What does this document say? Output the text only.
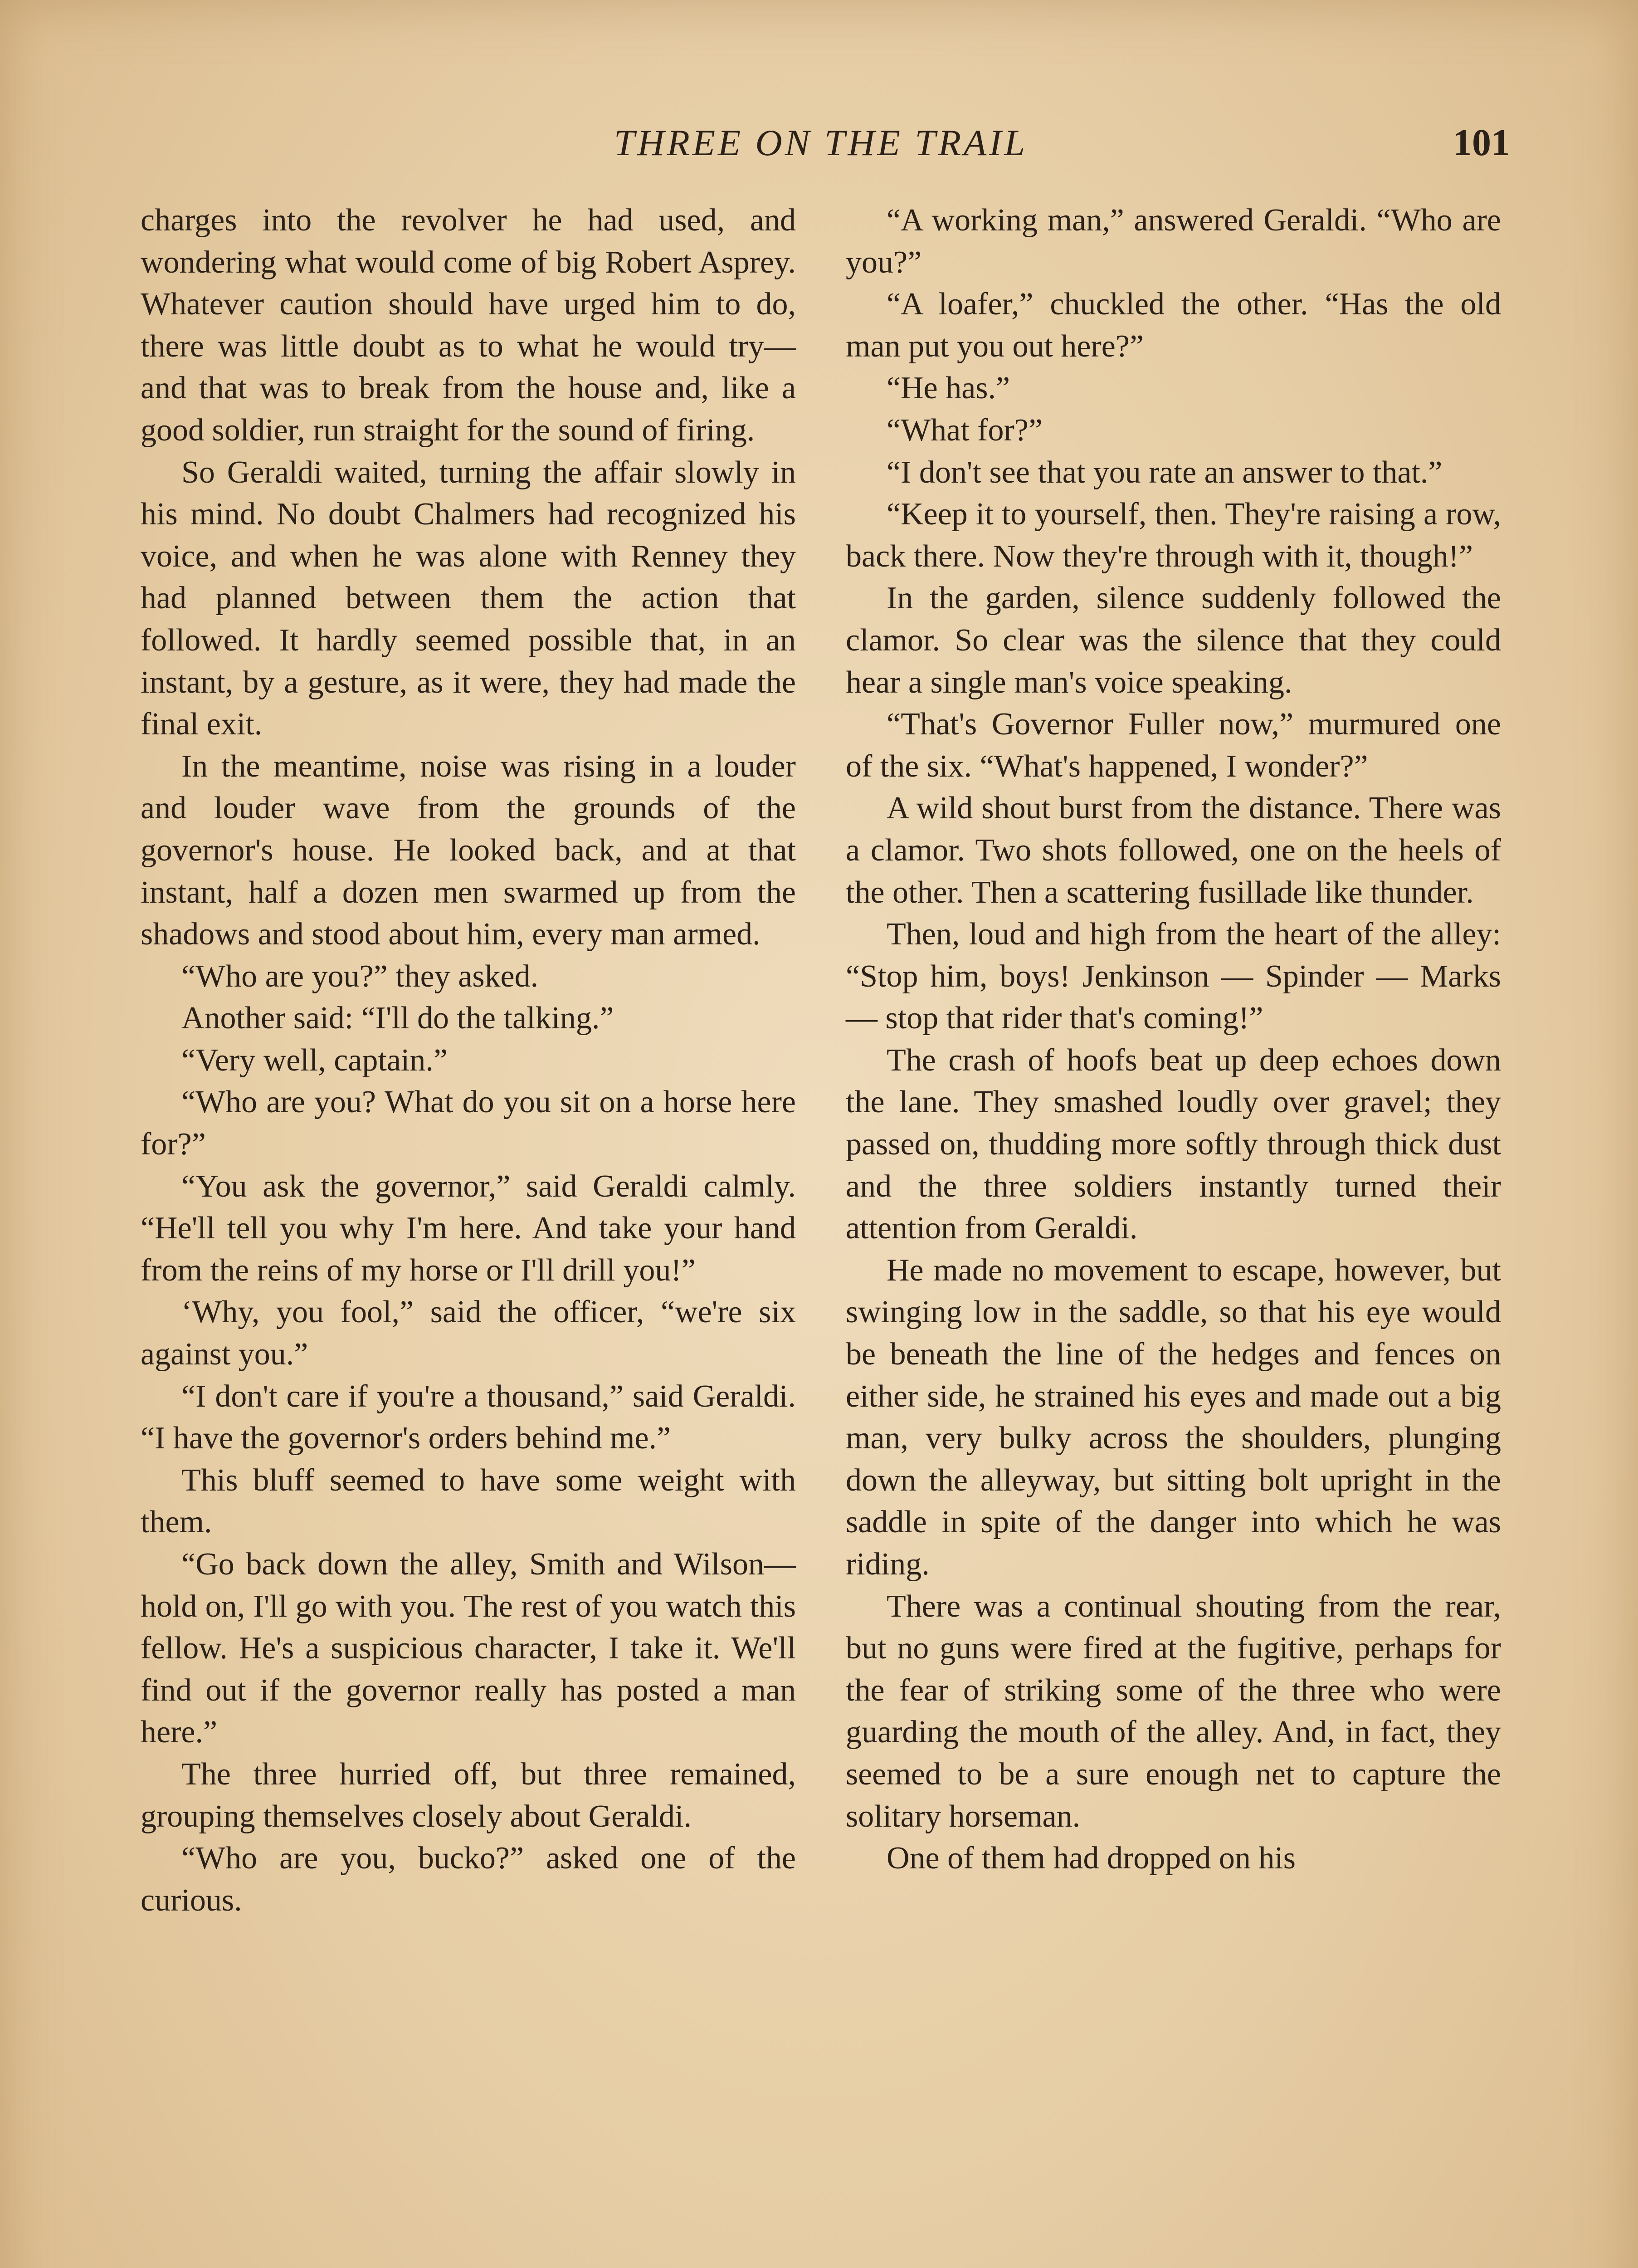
THREE ON THE TRAIL	101

charges into the revolver he had used, and wondering what would come of big Robert Asprey. Whatever caution should have urged him to do, there was little doubt as to what he would try— and that was to break from the house and, like a good soldier, run straight for the sound of firing.

So Geraldi waited, turning the affair slowly in his mind. No doubt Chalmers had recognized his voice, and when he was alone with Renney they had planned between them the action that followed. It hardly seemed possible that, in an instant, by a gesture, as it were, they had made the final exit.

In the meantime, noise was rising in a louder and louder wave from the grounds of the governor's house. He looked back, and at that instant, half a dozen men swarmed up from the shadows and stood about him, every man armed.

“Who are you?” they asked.

Another said: “I'll do the talking.”

“Very well, captain.”

“Who are you? What do you sit on a horse here for?”

“You ask the governor,” said Geraldi calmly. “He'll tell you why I'm here. And take your hand from the reins of my horse or I'll drill you!”

‘Why, you fool,” said the officer, “we're six against you.”

“I don't care if you're a thousand,” said Geraldi. “I have the governor's orders behind me.”

This bluff seemed to have some weight with them.

“Go back down the alley, Smith and Wilson—hold on, I'll go with you. The rest of you watch this fellow. He's a suspicious character, I take it. We'll find out if the governor really has posted a man here.”

The three hurried off, but three remained, grouping themselves closely about Geraldi.

“Who are you, bucko?” asked one of the curious.

“A working man,” answered Geraldi. “Who are you?”

“A loafer,” chuckled the other. “Has the old man put you out here?”

“He has.”

“What for?”

“I don't see that you rate an answer to that.”

“Keep it to yourself, then. They're raising a row, back there. Now they're through with it, though!”

In the garden, silence suddenly followed the clamor. So clear was the silence that they could hear a single man's voice speaking.

“That's Governor Fuller now,” murmured one of the six. “What's happened, I wonder?”

A wild shout burst from the distance. There was a clamor. Two shots followed, one on the heels of the other. Then a scattering fusillade like thunder.

Then, loud and high from the heart of the alley: “Stop him, boys! Jenkinson — Spinder — Marks — stop that rider that's coming!”

The crash of hoofs beat up deep echoes down the lane. They smashed loudly over gravel; they passed on, thudding more softly through thick dust and the three soldiers instantly turned their attention from Geraldi.

He made no movement to escape, however, but swinging low in the saddle, so that his eye would be beneath the line of the hedges and fences on either side, he strained his eyes and made out a big man, very bulky across the shoulders, plunging down the alleyway, but sitting bolt upright in the saddle in spite of the danger into which he was riding.

There was a continual shouting from the rear, but no guns were fired at the fugitive, perhaps for the fear of striking some of the three who were guarding the mouth of the alley. And, in fact, they seemed to be a sure enough net to capture the solitary horseman.

One of them had dropped on his
